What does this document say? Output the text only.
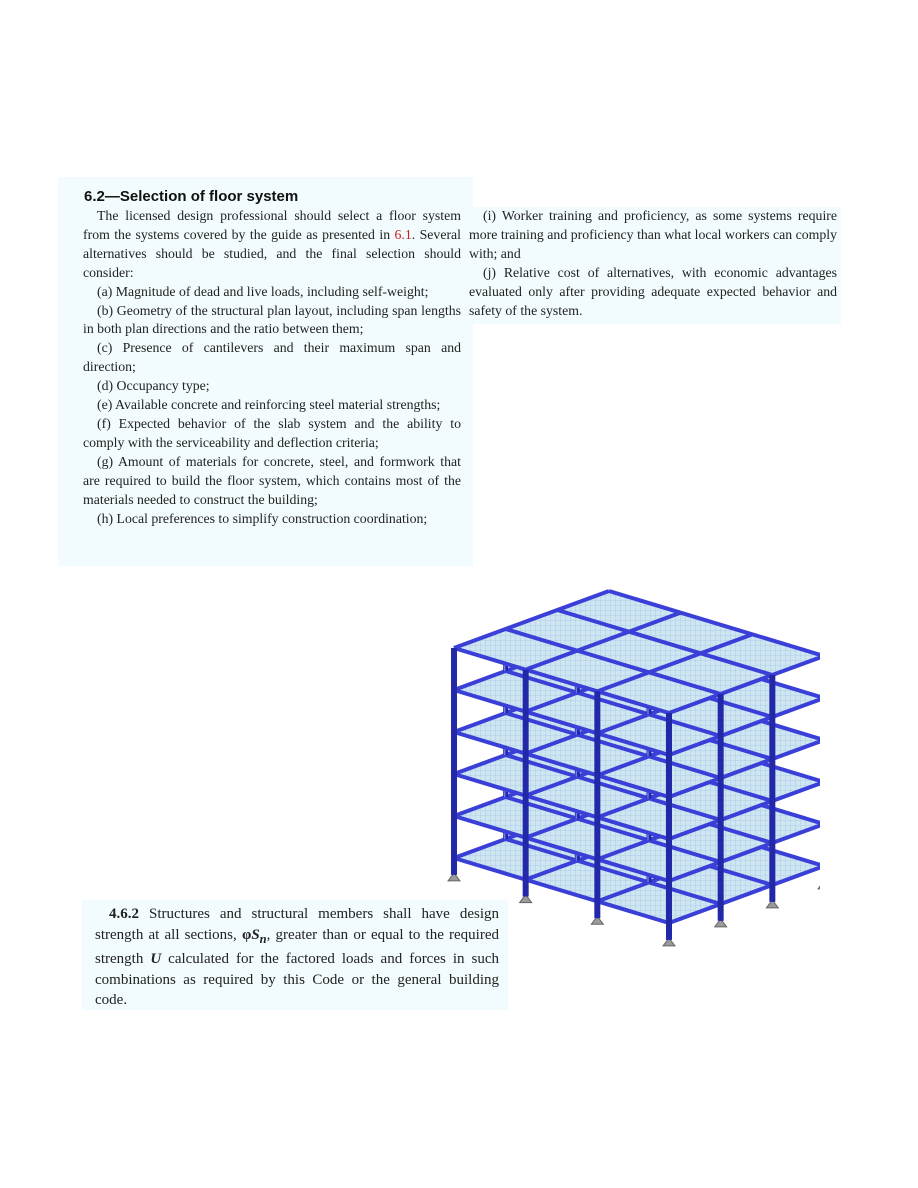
6.2—Selection of floor system

The licensed design professional should select a floor system from the systems covered by the guide as presented in 6.1. Several alternatives should be studied, and the final selection should consider:

(a) Magnitude of dead and live loads, including self-weight;

(b) Geometry of the structural plan layout, including span lengths in both plan directions and the ratio between them;

(c) Presence of cantilevers and their maximum span and direction;

(d) Occupancy type;

(e) Available concrete and reinforcing steel material strengths;

(f) Expected behavior of the slab system and the ability to comply with the serviceability and deflection criteria;

(g) Amount of materials for concrete, steel, and formwork that are required to build the floor system, which contains most of the materials needed to construct the building;

(h) Local preferences to simplify construction coordination;

(i) Worker training and proficiency, as some systems require more training and proficiency than what local workers can comply with; and

(j) Relative cost of alternatives, with economic advantages evaluated only after providing adequate expected behavior and safety of the system.

4.6.2 Structures and structural members shall have design strength at all sections, $\varphi S_n$, greater than or equal to the required strength U calculated for the factored loads and forces in such combinations as required by this Code or the general building code.
